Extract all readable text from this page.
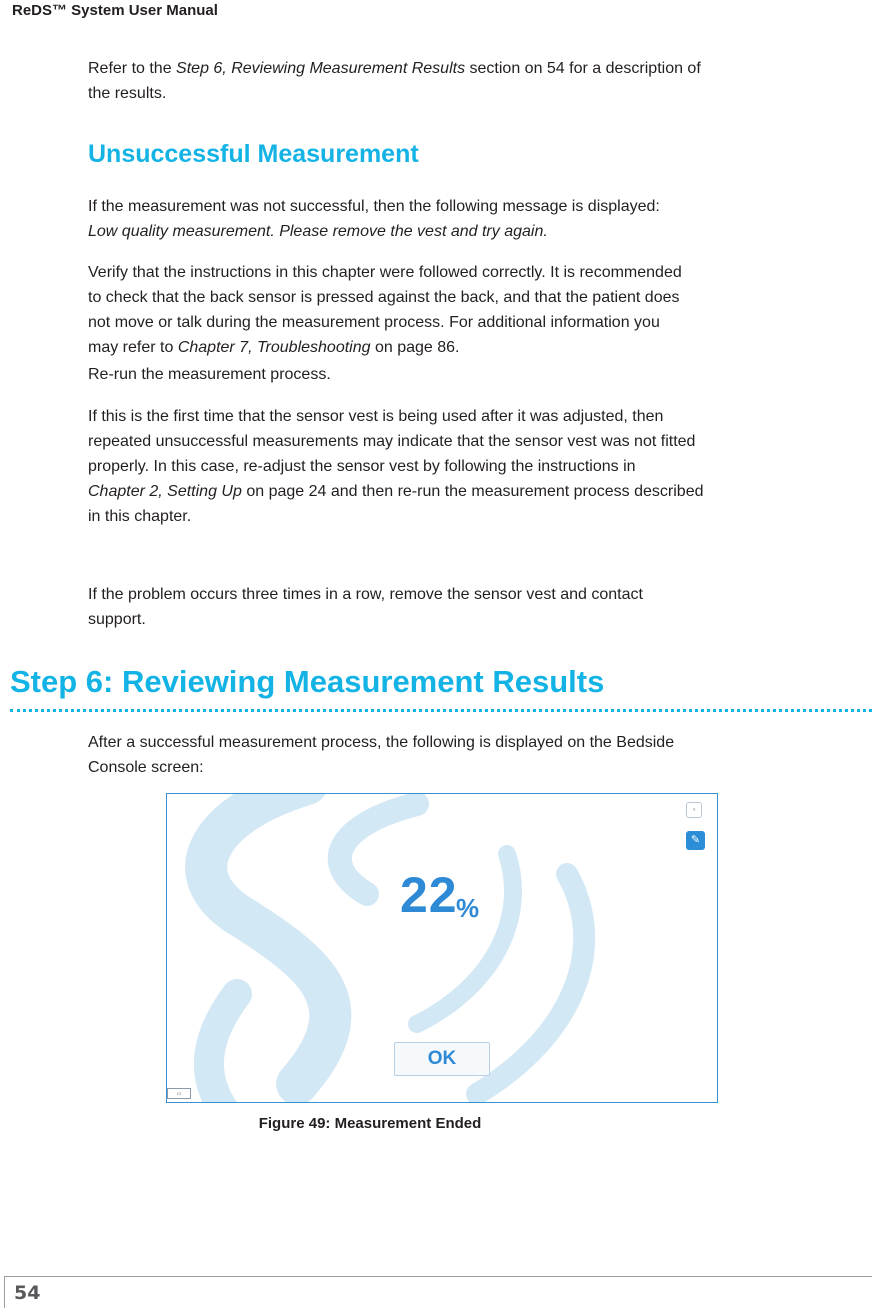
ReDS™ System User Manual

Refer to the Step 6, Reviewing Measurement Results section on 54 for a description of
the results.

Unsuccessful Measurement

If the measurement was not successful, then the following message is displayed:
Low quality measurement. Please remove the vest and try again.

Verify that the instructions in this chapter were followed correctly. It is recommended
to check that the back sensor is pressed against the back, and that the patient does
not move or talk during the measurement process. For additional information you
may refer to Chapter 7, Troubleshooting on page 86.

Re-run the measurement process.

If this is the first time that the sensor vest is being used after it was adjusted, then
repeated unsuccessful measurements may indicate that the sensor vest was not fitted
properly. In this case, re-adjust the sensor vest by following the instructions in
Chapter 2, Setting Up on page 24 and then re-run the measurement process described
in this chapter.

If the problem occurs three times in a row, remove the sensor vest and contact
support.

Step 6: Reviewing Measurement Results

After a successful measurement process, the following is displayed on the Bedside
Console screen:

▫
✎
22
%
OK
▭
Figure 49: Measurement Ended
54
